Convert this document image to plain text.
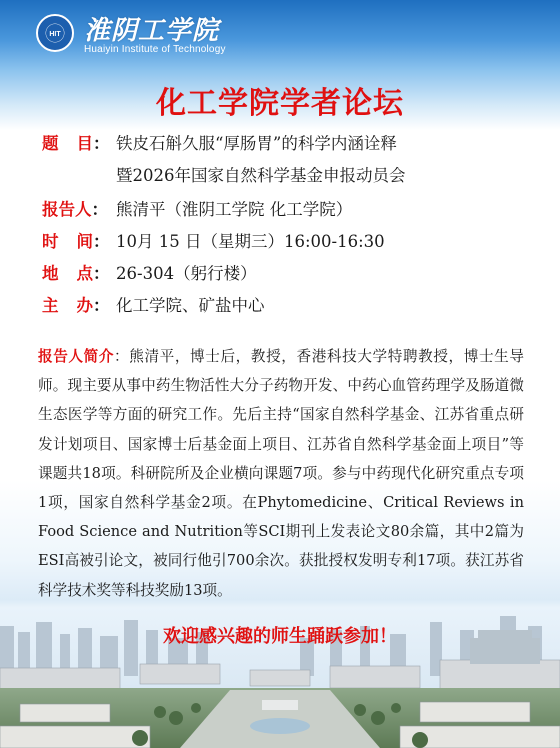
HIT 淮阴工学院
Huaiyin Institute of Technology
化工学院学者论坛
题 目： 铁皮石斛久服“厚肠胃”的科学内涵诠释
暨2026年国家自然科学基金申报动员会
报告人： 熊清平（淮阴工学院 化工学院）
时 间： 10月 15 日（星期三）16:00-16:30
地 点： 26-304（躬行楼）
主 办： 化工学院、矿盐中心
报告人简介：熊清平，博士后，教授，香港科技大学特聘教授，博士生导师。现主要从事中药生物活性大分子药物开发、中药心血管药理学及肠道微生态医学等方面的研究工作。先后主持“国家自然科学基金、江苏省重点研发计划项目、国家博士后基金面上项目、江苏省自然科学基金面上项目”等课题共18项。科研院所及企业横向课题7项。参与中药现代化研究重点专项1项，国家自然科学基金2项。在Phytomedicine、Critical Reviews in Food Science and Nutrition等SCI期刊上发表论文80余篇，其中2篇为ESI高被引论文，被同行他引700余次。获批授权发明专利17项。获江苏省科学技术奖等科技奖励13项。
欢迎感兴趣的师生踊跃参加！
